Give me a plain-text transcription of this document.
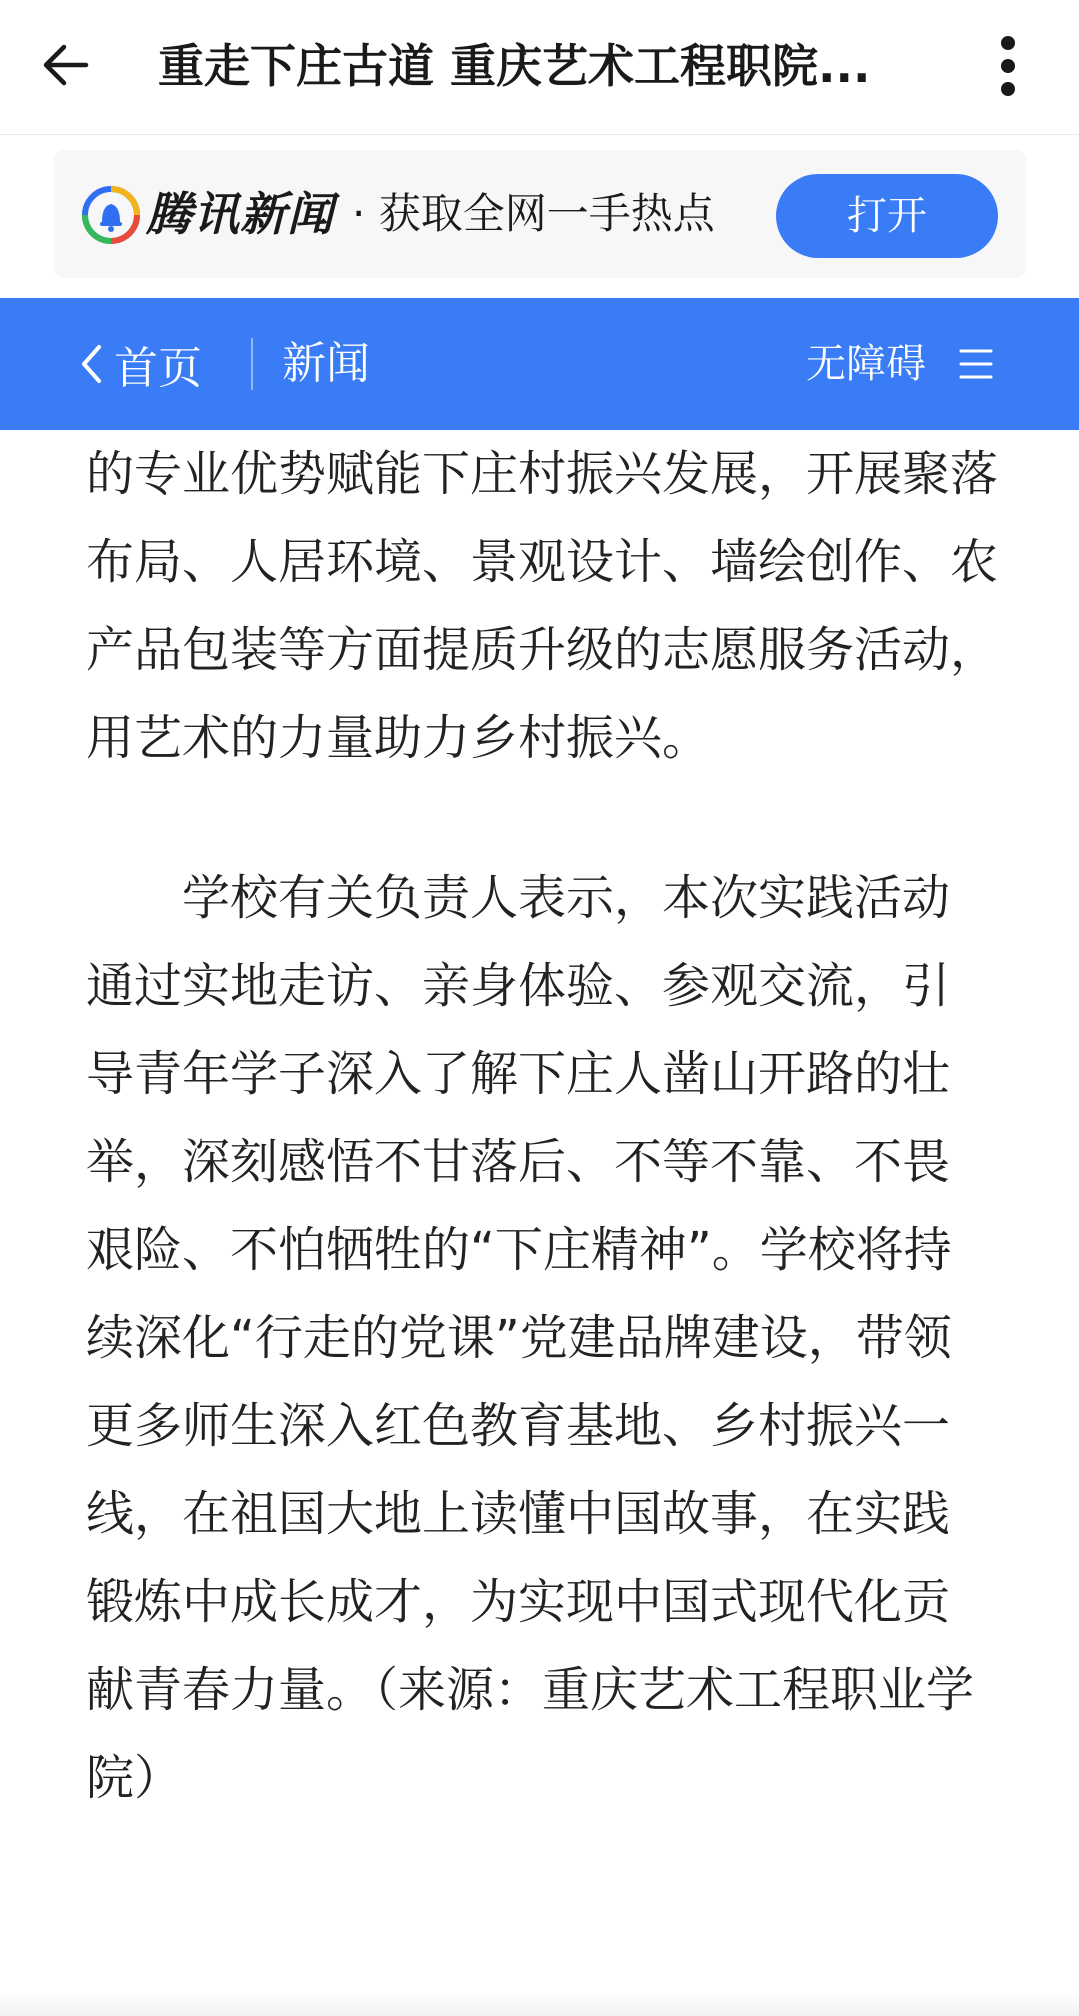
重走下庄古道 重庆艺术工程职院...
腾讯新闻 · 获取全网一手热点	打开
首页 新闻	无障碍

的专业优势赋能下庄村振兴发展，开展聚落布局、人居环境、景观设计、墙绘创作、农产品包装等方面提质升级的志愿服务活动，用艺术的力量助力乡村振兴。

学校有关负责人表示，本次实践活动通过实地走访、亲身体验、参观交流，引导青年学子深入了解下庄人凿山开路的壮举，深刻感悟不甘落后、不等不靠、不畏艰险、不怕牺牲的“下庄精神”。学校将持续深化“行走的党课”党建品牌建设，带领更多师生深入红色教育基地、乡村振兴一线，在祖国大地上读懂中国故事，在实践锻炼中成长成才，为实现中国式现代化贡献青春力量。（来源：重庆艺术工程职业学院）
